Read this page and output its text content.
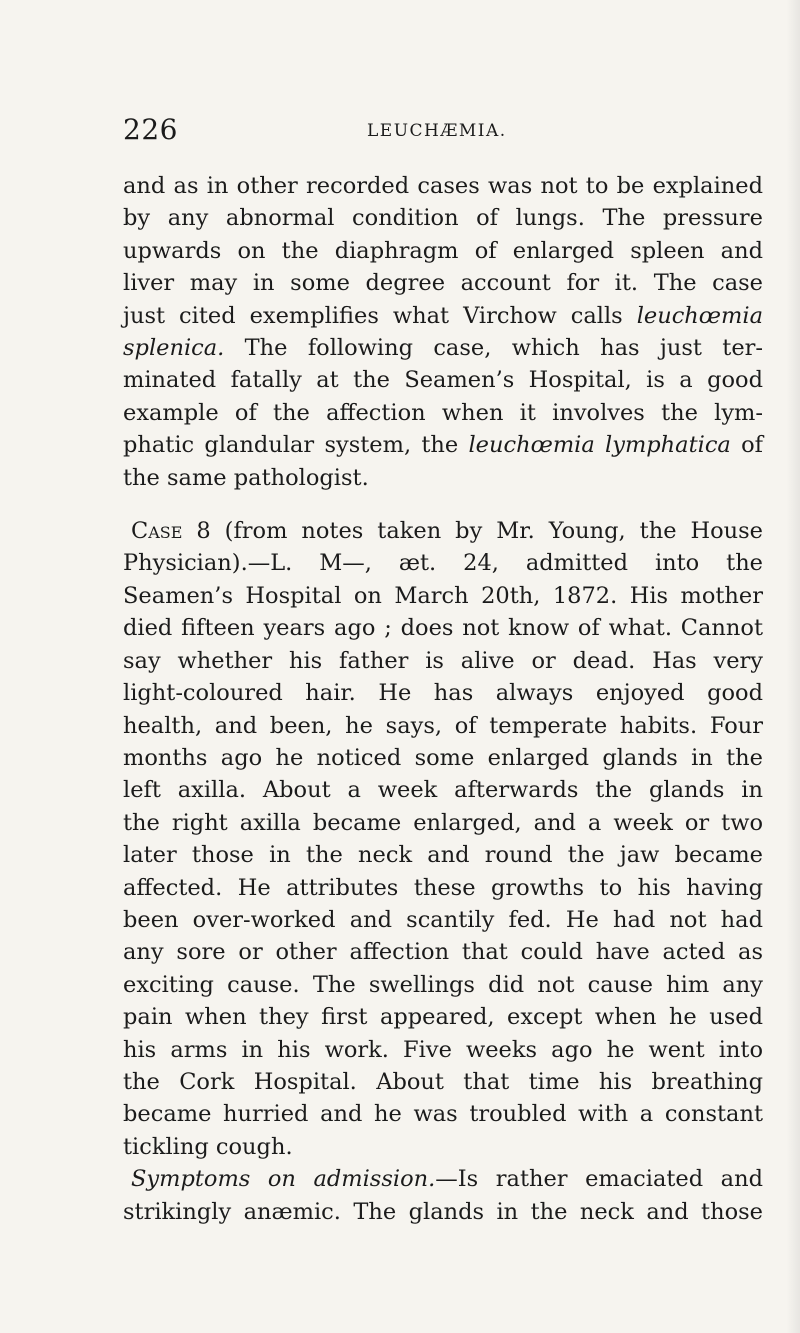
226	LEUCHÆMIA.
and as in other recorded cases was not to be explained
by any abnormal condition of lungs. The pressure
upwards on the diaphragm of enlarged spleen and
liver may in some degree account for it. The case
just cited exemplifies what Virchow calls leuchœmia
splenica. The following case, which has just ter-
minated fatally at the Seamen’s Hospital, is a good
example of the affection when it involves the lym-
phatic glandular system, the leuchœmia lymphatica of
the same pathologist.
Case 8 (from notes taken by Mr. Young, the House
Physician).—L. M—, æt. 24, admitted into the
Seamen’s Hospital on March 20th, 1872. His mother
died fifteen years ago ; does not know of what. Cannot
say whether his father is alive or dead. Has very
light-coloured hair. He has always enjoyed good
health, and been, he says, of temperate habits. Four
months ago he noticed some enlarged glands in the
left axilla. About a week afterwards the glands in
the right axilla became enlarged, and a week or two
later those in the neck and round the jaw became
affected. He attributes these growths to his having
been over-worked and scantily fed. He had not had
any sore or other affection that could have acted as
exciting cause. The swellings did not cause him any
pain when they first appeared, except when he used
his arms in his work. Five weeks ago he went into
the Cork Hospital. About that time his breathing
became hurried and he was troubled with a constant
tickling cough.
Symptoms on admission.—Is rather emaciated and
strikingly anæmic. The glands in the neck and those
